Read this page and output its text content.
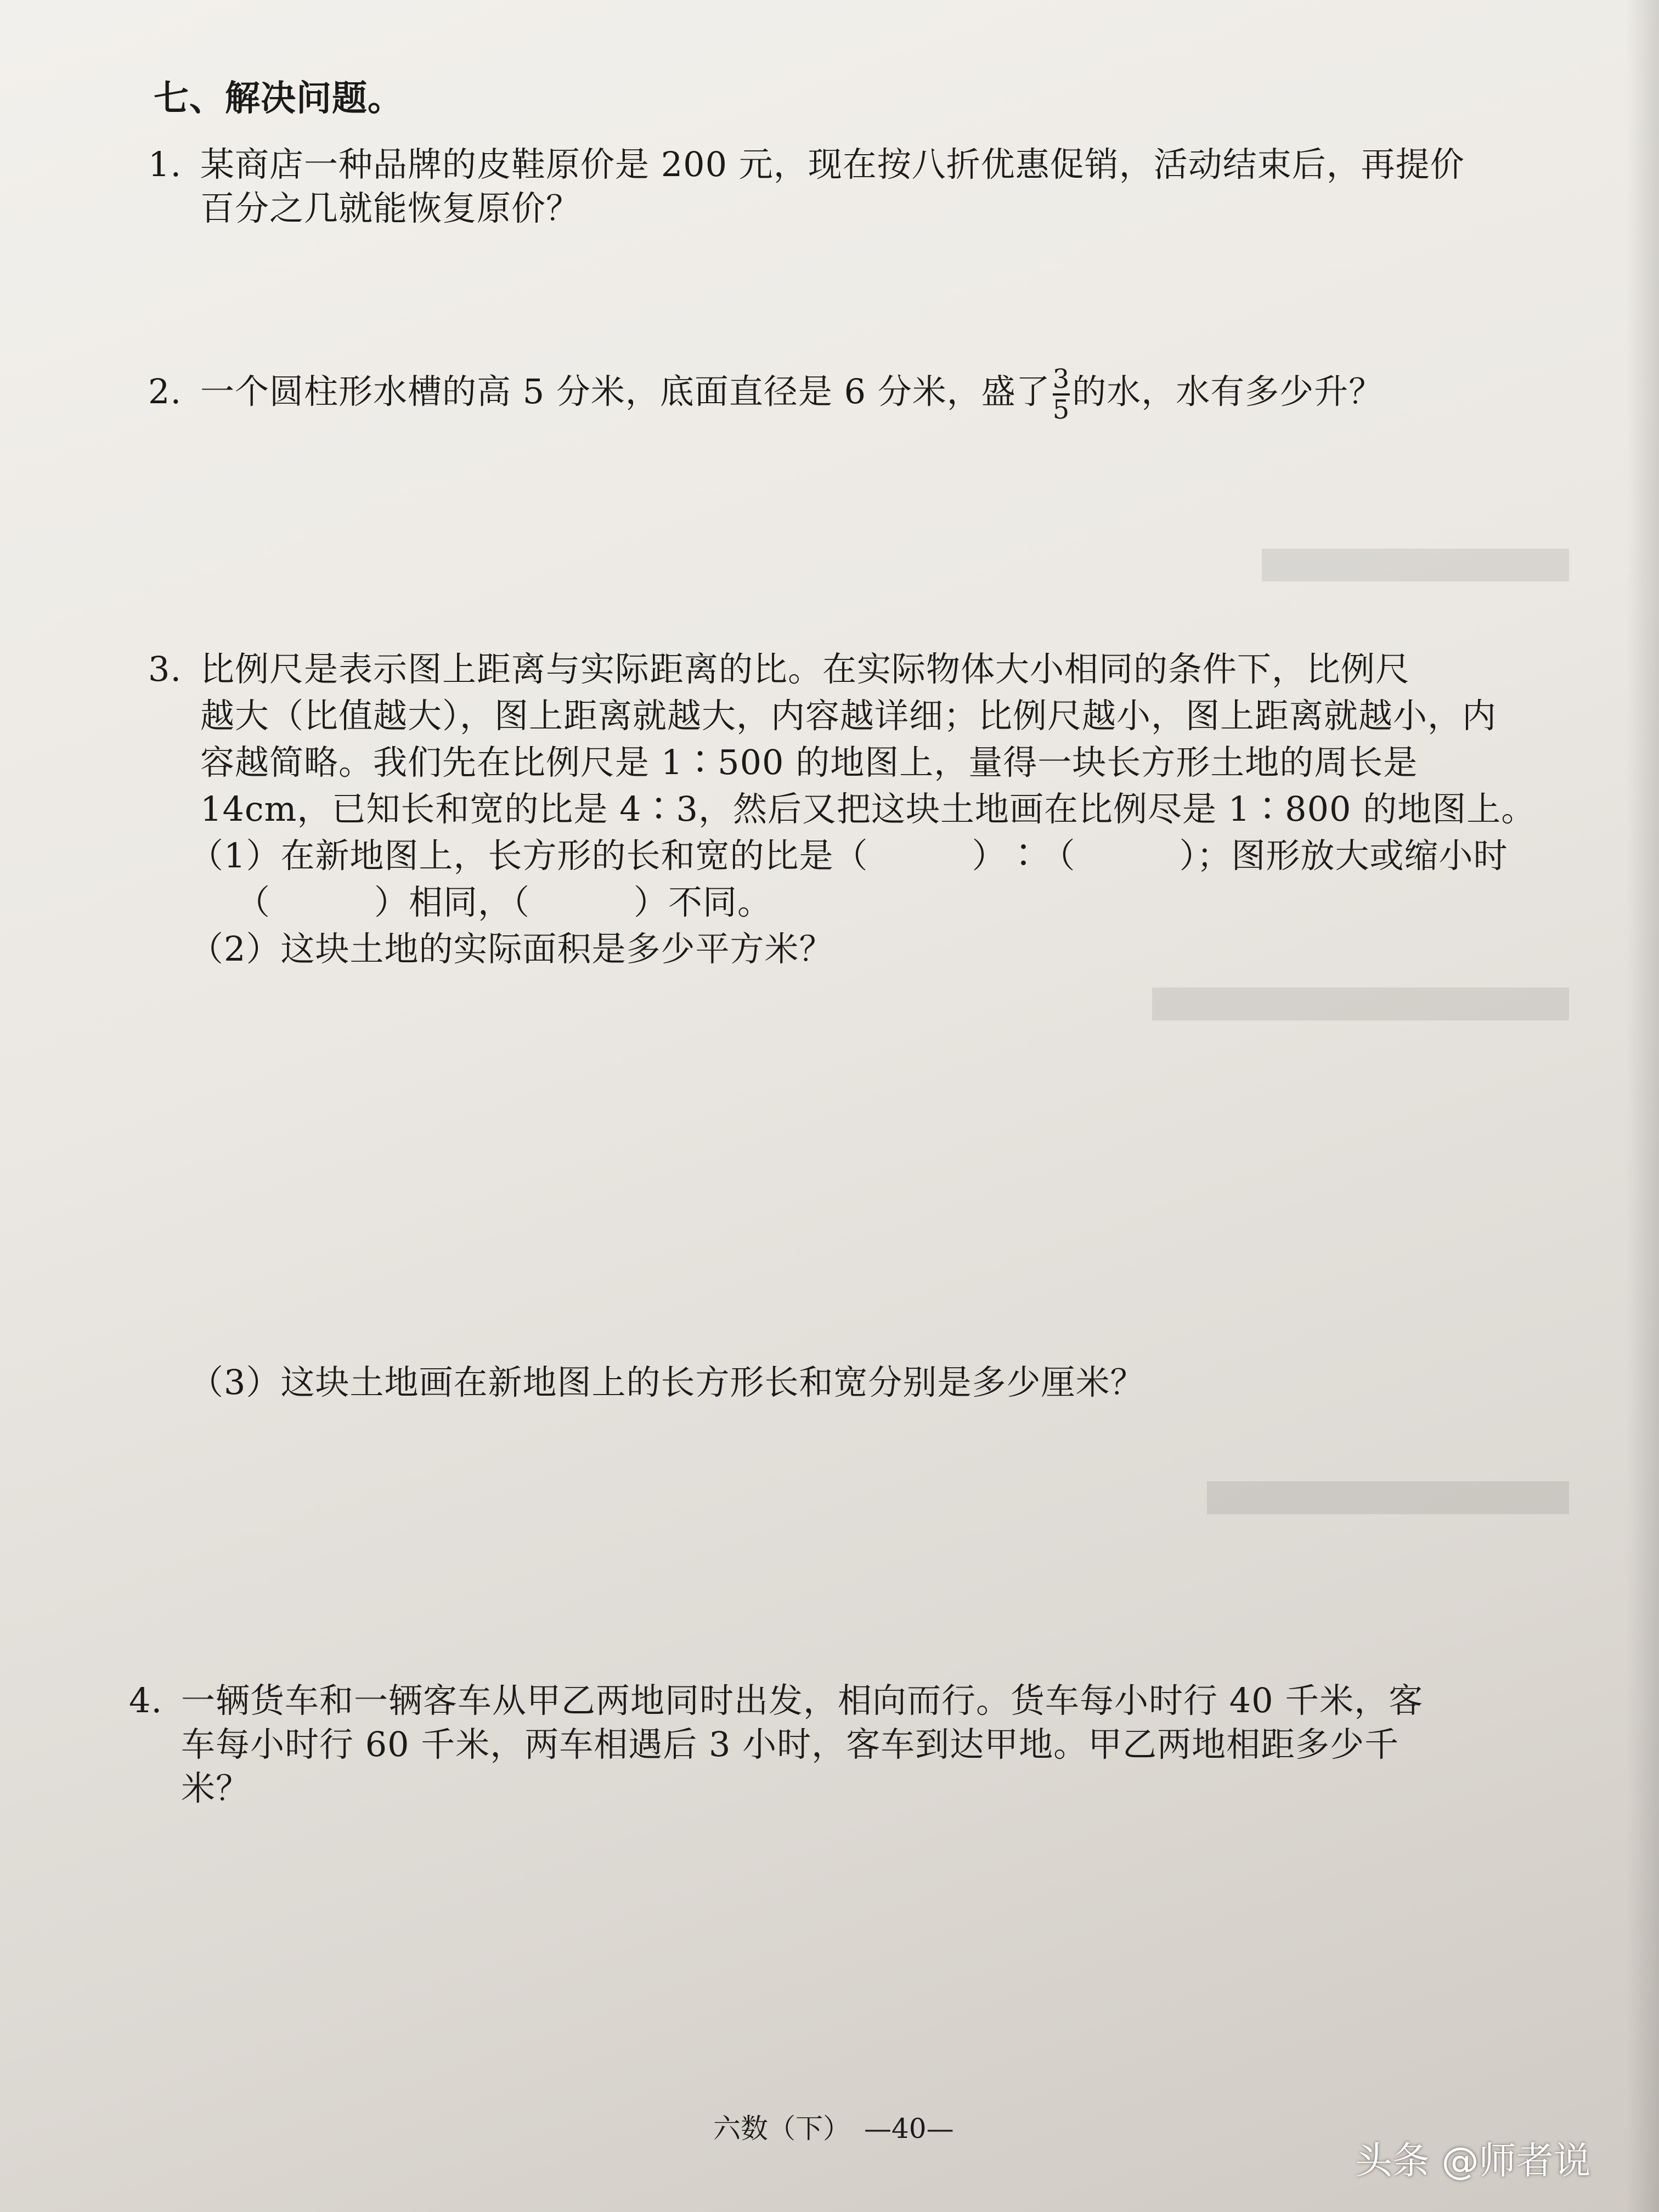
七、解决问题。
1. 某商店一种品牌的皮鞋原价是 200 元，现在按八折优惠促销，活动结束后，再提价
百分之几就能恢复原价？
2. 一个圆柱形水槽的高 5 分米，底面直径是 6 分米，盛了 $\frac{3}{5}$ 的水，水有多少升？
3. 比例尺是表示图上距离与实际距离的比。在实际物体大小相同的条件下，比例尺
越大（比值越大），图上距离就越大，内容越详细；比例尺越小，图上距离就越小，内
容越简略。我们先在比例尺是 1∶500 的地图上，量得一块长方形土地的周长是
14cm，已知长和宽的比是 4∶3，然后又把这块土地画在比例尽是 1∶800 的地图上。
（1）在新地图上，长方形的长和宽的比是（　　　）∶（　　　）；图形放大或缩小时
（　　　）相同，（　　　）不同。
（2）这块土地的实际面积是多少平方米？
（3）这块土地画在新地图上的长方形长和宽分别是多少厘米？
4. 一辆货车和一辆客车从甲乙两地同时出发，相向而行。货车每小时行 40 千米，客
车每小时行 60 千米，两车相遇后 3 小时，客车到达甲地。甲乙两地相距多少千
米？
六数（下）　—40—
头条 @师者说
